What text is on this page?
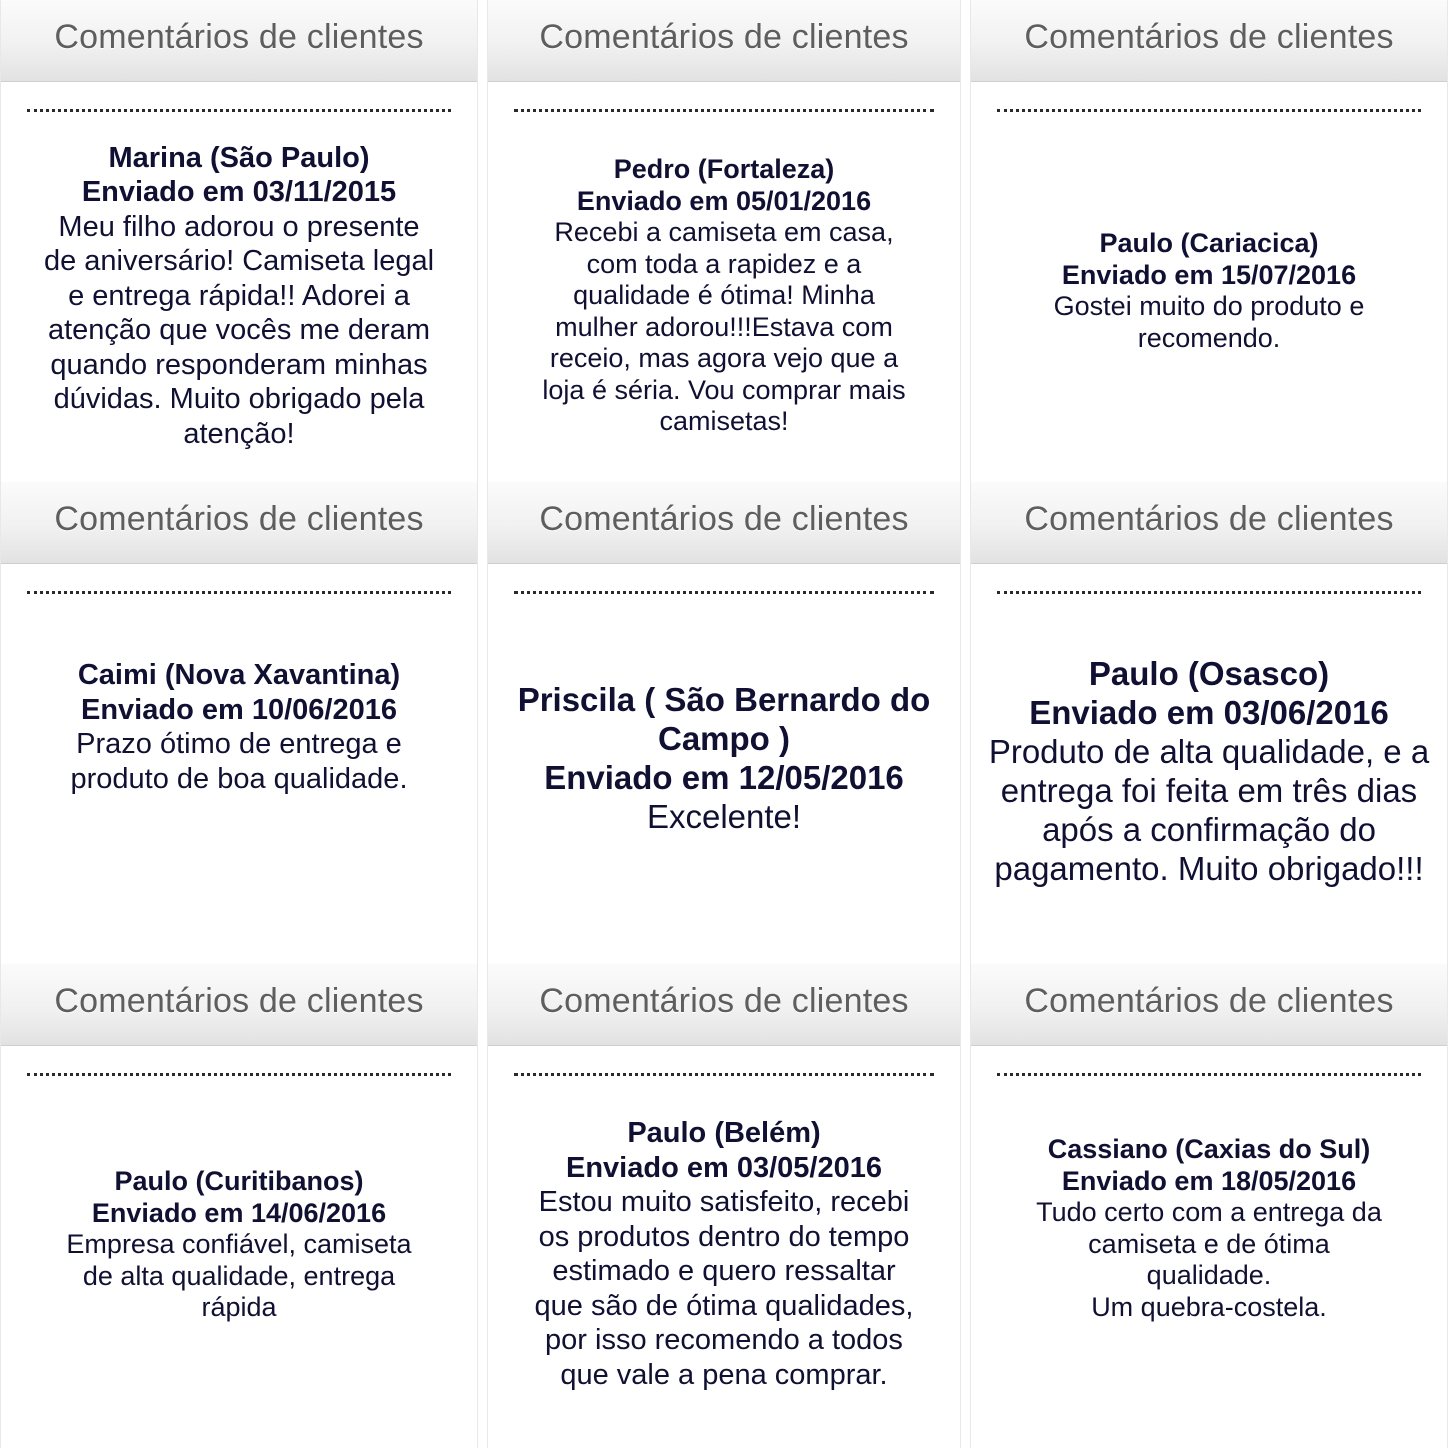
Comentários de clientes
Marina (São Paulo)
Enviado em 03/11/2015
Meu filho adorou o presente
de aniversário! Camiseta legal
e entrega rápida!! Adorei a
atenção que vocês me deram
quando responderam minhas
dúvidas. Muito obrigado pela
atenção!
Comentários de clientes
Pedro (Fortaleza)
Enviado em 05/01/2016
Recebi a camiseta em casa,
com toda a rapidez e a
qualidade é ótima! Minha
mulher adorou!!!Estava com
receio, mas agora vejo que a
loja é séria. Vou comprar mais
camisetas!
Comentários de clientes
Paulo (Cariacica)
Enviado em 15/07/2016
Gostei muito do produto e
recomendo.
Comentários de clientes
Caimi (Nova Xavantina)
Enviado em 10/06/2016
Prazo ótimo de entrega e
produto de boa qualidade.
Comentários de clientes
Priscila ( São Bernardo do
Campo )
Enviado em 12/05/2016
Excelente!
Comentários de clientes
Paulo (Osasco)
Enviado em 03/06/2016
Produto de alta qualidade, e a
entrega foi feita em três dias
após a confirmação do
pagamento. Muito obrigado!!!
Comentários de clientes
Paulo (Curitibanos)
Enviado em 14/06/2016
Empresa confiável, camiseta
de alta qualidade, entrega
rápida
Comentários de clientes
Paulo (Belém)
Enviado em 03/05/2016
Estou muito satisfeito, recebi
os produtos dentro do tempo
estimado e quero ressaltar
que são de ótima qualidades,
por isso recomendo a todos
que vale a pena comprar.
Comentários de clientes
Cassiano (Caxias do Sul)
Enviado em 18/05/2016
Tudo certo com a entrega da
camiseta e de ótima
qualidade.
Um quebra-costela.
